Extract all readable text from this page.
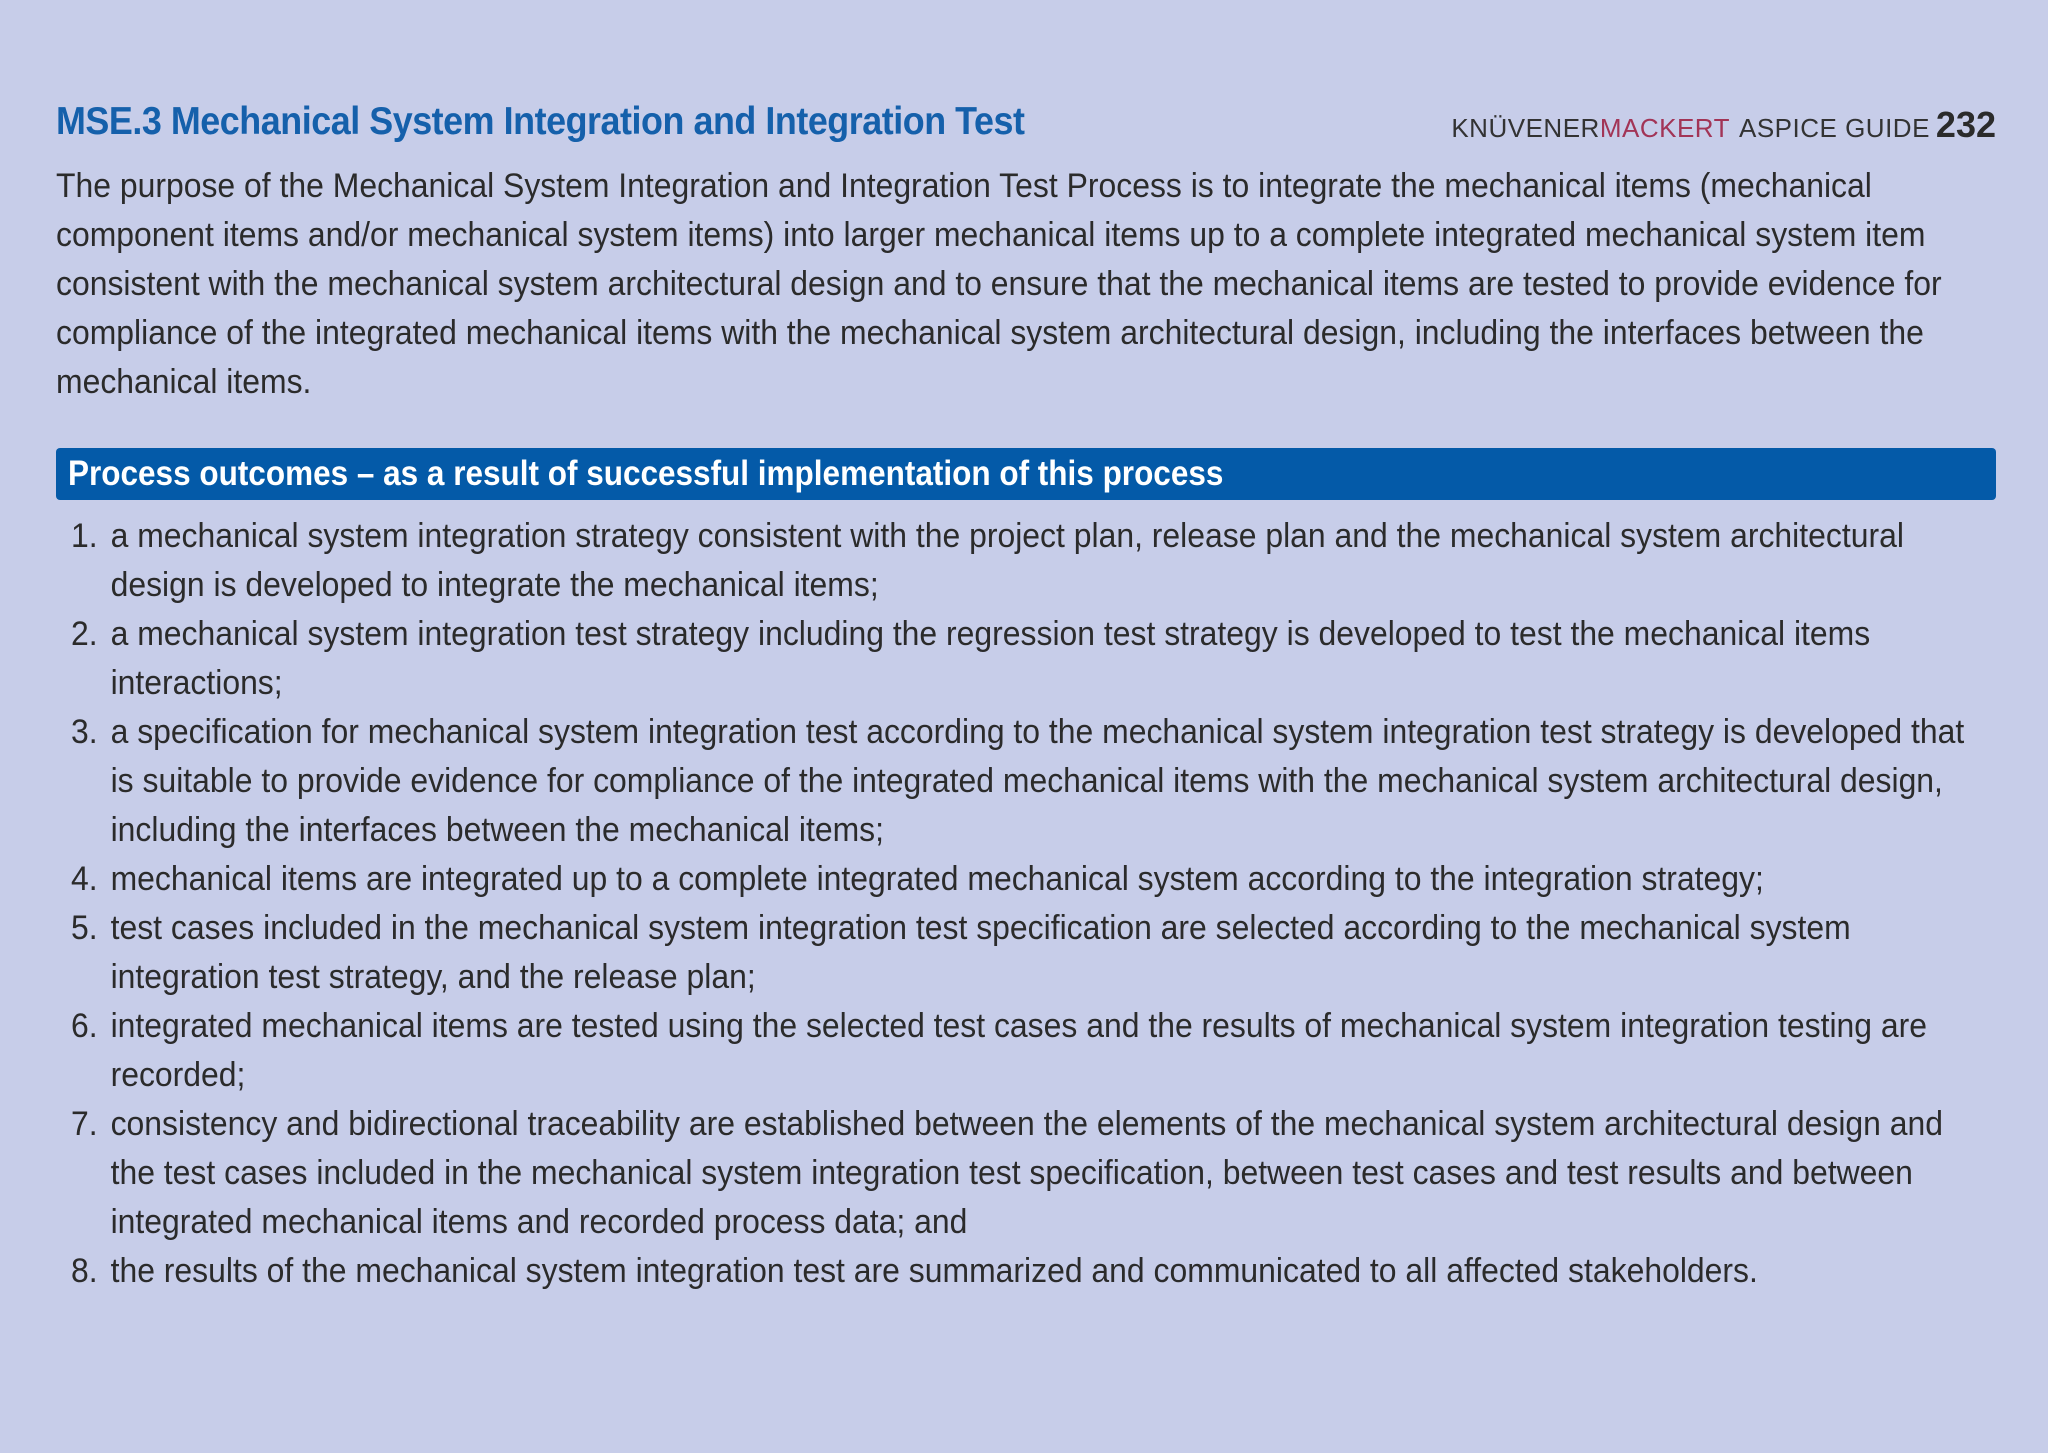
MSE.3 Mechanical System Integration and Integration Test	KNÜVENER MACKERT ASPICE GUIDE 232

The purpose of the Mechanical System Integration and Integration Test Process is to integrate the mechanical items (mechanical component items and/or mechanical system items) into larger mechanical items up to a complete integrated mechanical system item consistent with the mechanical system architectural design and to ensure that the mechanical items are tested to provide evidence for compliance of the integrated mechanical items with the mechanical system architectural design, including the interfaces between the mechanical items.

Process outcomes – as a result of successful implementation of this process
1. a mechanical system integration strategy consistent with the project plan, release plan and the mechanical system architectural design is developed to integrate the mechanical items;
2. a mechanical system integration test strategy including the regression test strategy is developed to test the mechanical items interactions;
3. a specification for mechanical system integration test according to the mechanical system integration test strategy is developed that is suitable to provide evidence for compliance of the integrated mechanical items with the mechanical system architectural design, including the interfaces between the mechanical items;
4. mechanical items are integrated up to a complete integrated mechanical system according to the integration strategy;
5. test cases included in the mechanical system integration test specification are selected according to the mechanical system integration test strategy, and the release plan;
6. integrated mechanical items are tested using the selected test cases and the results of mechanical system integration testing are recorded;
7. consistency and bidirectional traceability are established between the elements of the mechanical system architectural design and the test cases included in the mechanical system integration test specification, between test cases and test results and between integrated mechanical items and recorded process data; and
8. the results of the mechanical system integration test are summarized and communicated to all affected stakeholders.
